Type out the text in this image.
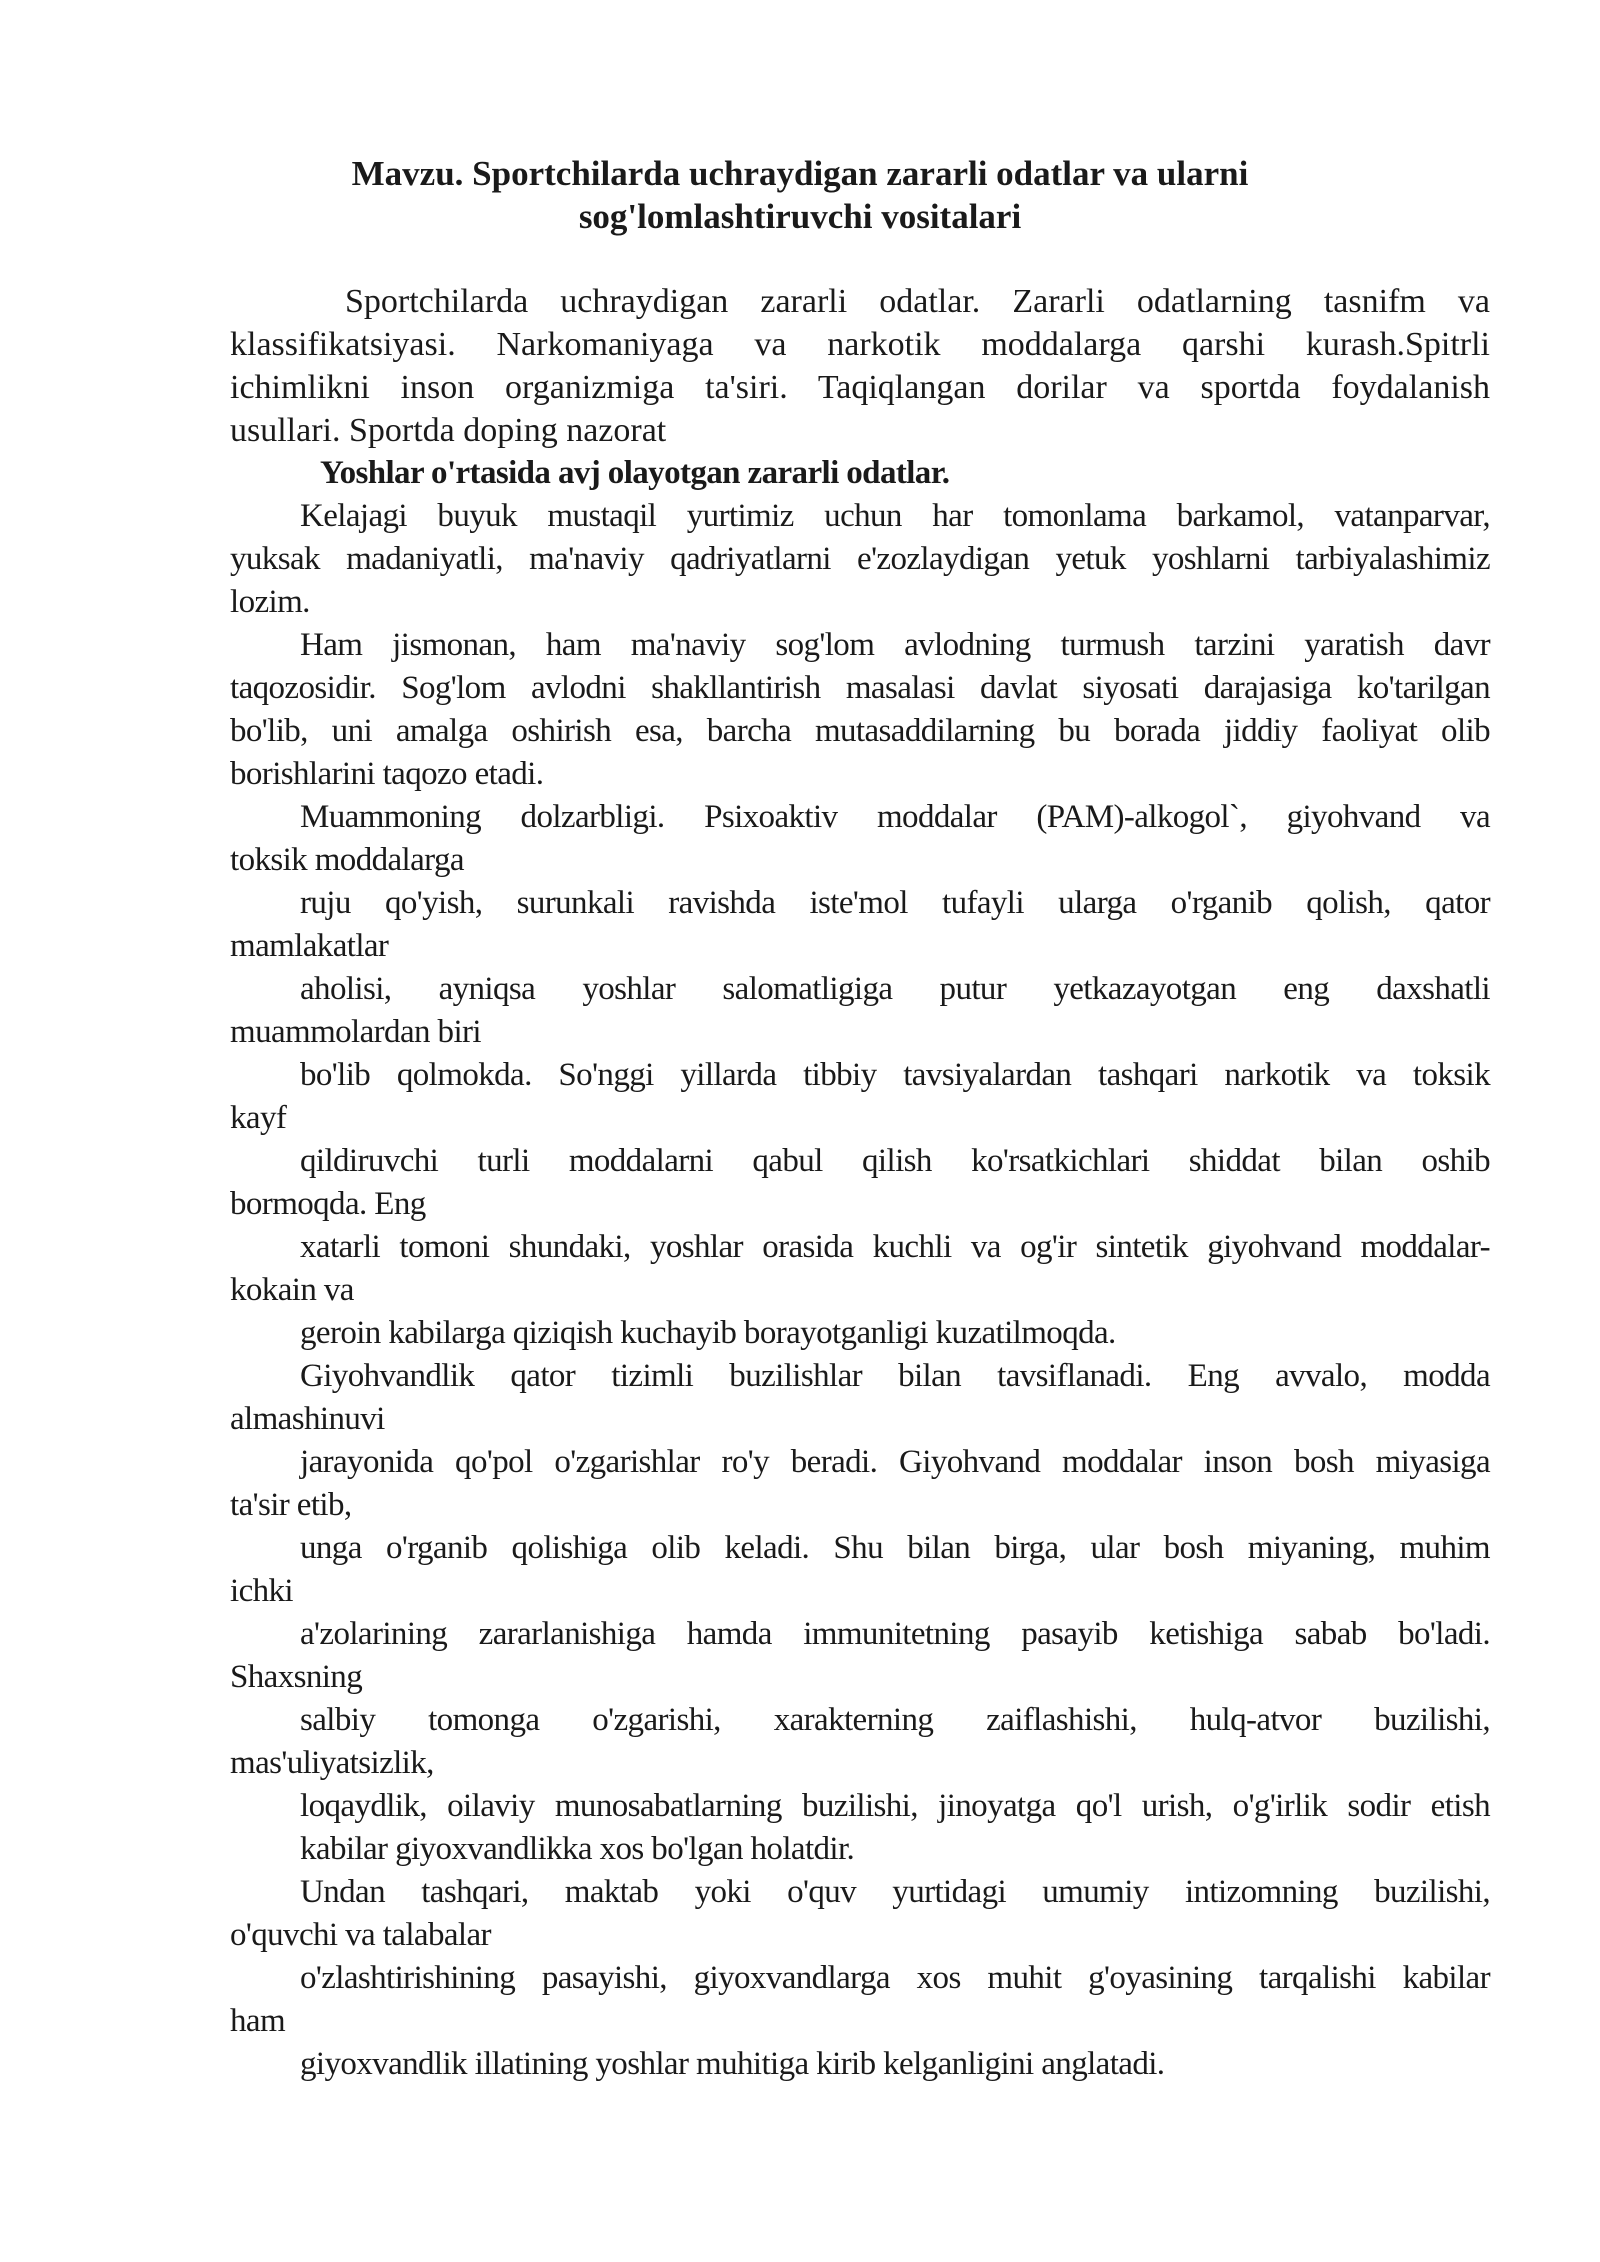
Mavzu. Sportchilarda uchraydigan zararli odatlar va ularni
sog'lomlashtiruvchi vositalari
Sportchilarda uchraydigan zararli odatlar. Zararli odatlarning tasnifm va
klassifikatsiyasi. Narkomaniyaga va narkotik moddalarga qarshi kurash.Spitrli
ichimlikni inson organizmiga ta'siri. Taqiqlangan dorilar va sportda foydalanish
usullari. Sportda doping nazorat
Yoshlar o'rtasida avj olayotgan zararli odatlar.
Kelajagi buyuk mustaqil yurtimiz uchun har tomonlama barkamol, vatanparvar,
yuksak madaniyatli, ma'naviy qadriyatlarni e'zozlaydigan yetuk yoshlarni tarbiyalashimiz
lozim.
Ham jismonan, ham ma'naviy sog'lom avlodning turmush tarzini yaratish davr
taqozosidir. Sog'lom avlodni shakllantirish masalasi davlat siyosati darajasiga ko'tarilgan
bo'lib, uni amalga oshirish esa, barcha mutasaddilarning bu borada jiddiy faoliyat olib
borishlarini taqozo etadi.
Muammoning dolzarbligi. Psixoaktiv moddalar (PAM)-alkogol`, giyohvand va
toksik moddalarga
ruju qo'yish, surunkali ravishda iste'mol tufayli ularga o'rganib qolish, qator
mamlakatlar
aholisi, ayniqsa yoshlar salomatligiga putur yetkazayotgan eng daxshatli
muammolardan biri
bo'lib qolmokda. So'nggi yillarda tibbiy tavsiyalardan tashqari narkotik va toksik
kayf
qildiruvchi turli moddalarni qabul qilish ko'rsatkichlari shiddat bilan oshib
bormoqda. Eng
xatarli tomoni shundaki, yoshlar orasida kuchli va og'ir sintetik giyohvand moddalar-
kokain va
geroin kabilarga qiziqish kuchayib borayotganligi kuzatilmoqda.
Giyohvandlik qator tizimli buzilishlar bilan tavsiflanadi. Eng avvalo, modda
almashinuvi
jarayonida qo'pol o'zgarishlar ro'y beradi. Giyohvand moddalar inson bosh miyasiga
ta'sir etib,
unga o'rganib qolishiga olib keladi. Shu bilan birga, ular bosh miyaning, muhim
ichki
a'zolarining zararlanishiga hamda immunitetning pasayib ketishiga sabab bo'ladi.
Shaxsning
salbiy tomonga o'zgarishi, xarakterning zaiflashishi, hulq-atvor buzilishi,
mas'uliyatsizlik,
loqaydlik, oilaviy munosabatlarning buzilishi, jinoyatga qo'l urish, o'g'irlik sodir etish
kabilar giyoxvandlikka xos bo'lgan holatdir.
Undan tashqari, maktab yoki o'quv yurtidagi umumiy intizomning buzilishi,
o'quvchi va talabalar
o'zlashtirishining pasayishi, giyoxvandlarga xos muhit g'oyasining tarqalishi kabilar
ham
giyoxvandlik illatining yoshlar muhitiga kirib kelganligini anglatadi.
